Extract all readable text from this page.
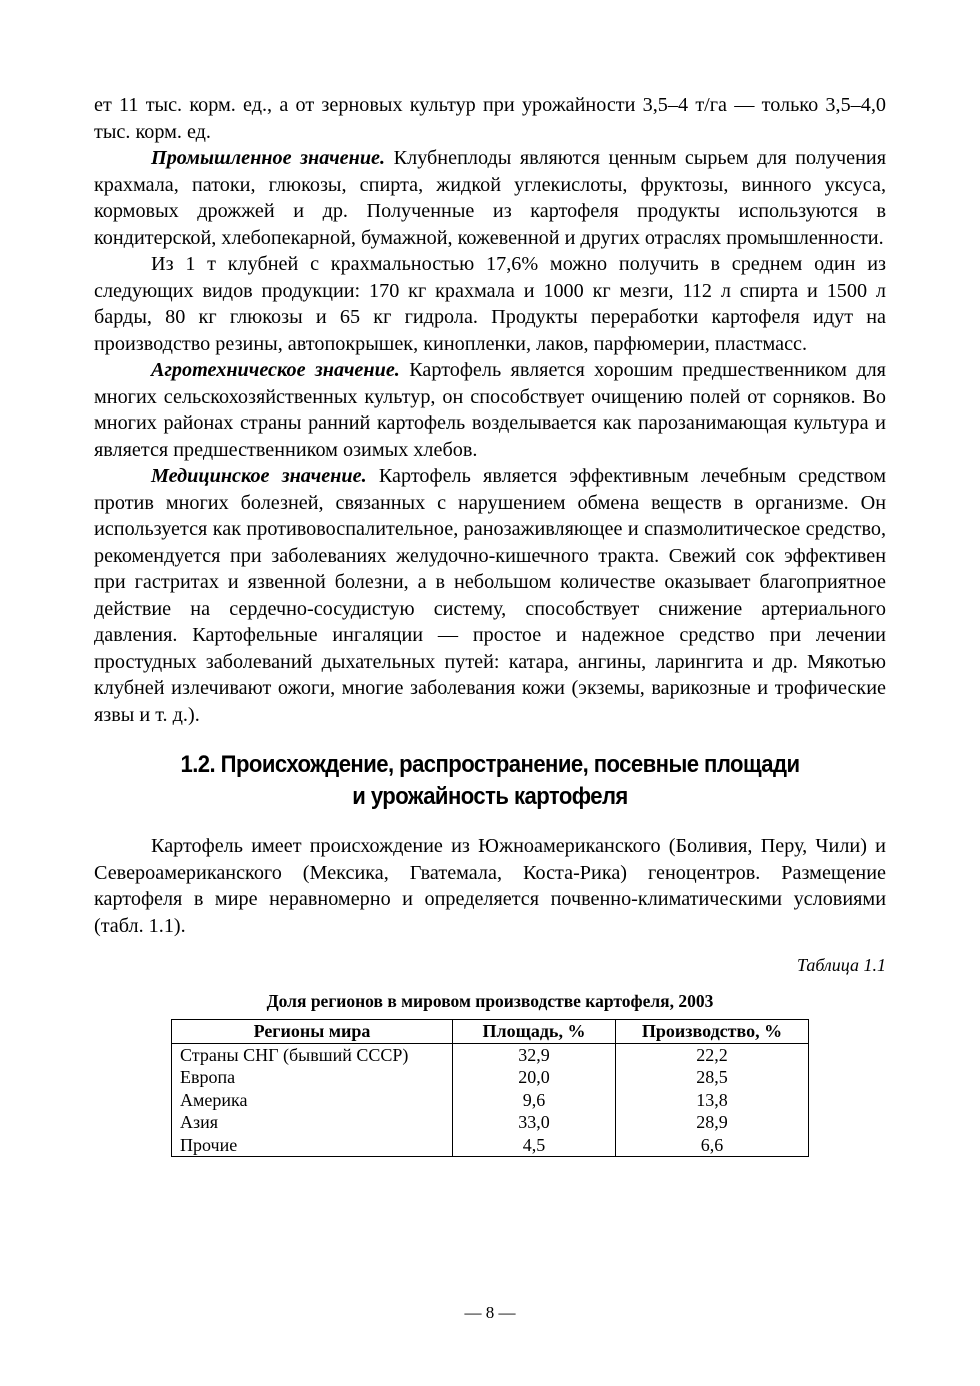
ет 11 тыс. корм. ед., а от зерновых культур при урожайности 3,5–4 т/га — только 3,5–4,0 тыс. корм. ед.

Промышленное значение. Клубнеплоды являются ценным сырьем для получения крахмала, патоки, глюкозы, спирта, жидкой углекислоты, фруктозы, винного уксуса, кормовых дрожжей и др. Полученные из картофеля продукты используются в кондитерской, хлебопекарной, бумажной, кожевенной и других отраслях промышленности.

Из 1 т клубней с крахмальностью 17,6% можно получить в среднем один из следующих видов продукции: 170 кг крахмала и 1000 кг мезги, 112 л спирта и 1500 л барды, 80 кг глюкозы и 65 кг гидрола. Продукты переработки картофеля идут на производство резины, автопокрышек, кинопленки, лаков, парфюмерии, пластмасс.

Агротехническое значение. Картофель является хорошим предшественником для многих сельскохозяйственных культур, он способствует очищению полей от сорняков. Во многих районах страны ранний картофель возделывается как парозанимающая культура и является предшественником озимых хлебов.

Медицинское значение. Картофель является эффективным лечебным средством против многих болезней, связанных с нарушением обмена веществ в организме. Он используется как противовоспалительное, ранозаживляющее и спазмолитическое средство, рекомендуется при заболеваниях желудочно-кишечного тракта. Свежий сок эффективен при гастритах и язвенной болезни, а в небольшом количестве оказывает благоприятное действие на сердечно-сосудистую систему, способствует снижение артериального давления. Картофельные ингаляции — простое и надежное средство при лечении простудных заболеваний дыхательных путей: катара, ангины, ларингита и др. Мякотью клубней излечивают ожоги, многие заболевания кожи (экземы, варикозные и трофические язвы и т. д.).

1.2. Происхождение, распространение, посевные площади
и урожайность картофеля

Картофель имеет происхождение из Южноамериканского (Боливия, Перу, Чили) и Североамериканского (Мексика, Гватемала, Коста-Рика) геноцентров. Размещение картофеля в мире неравномерно и определяется почвенно-климатическими условиями (табл. 1.1).

Таблица 1.1
Доля регионов в мировом производстве картофеля, 2003
Регионы мира	Площадь, %	Производство, %
Страны СНГ (бывший СССР)	32,9	22,2
Европа	20,0	28,5
Америка	9,6	13,8
Азия	33,0	28,9
Прочие	4,5	6,6
— 8 —
